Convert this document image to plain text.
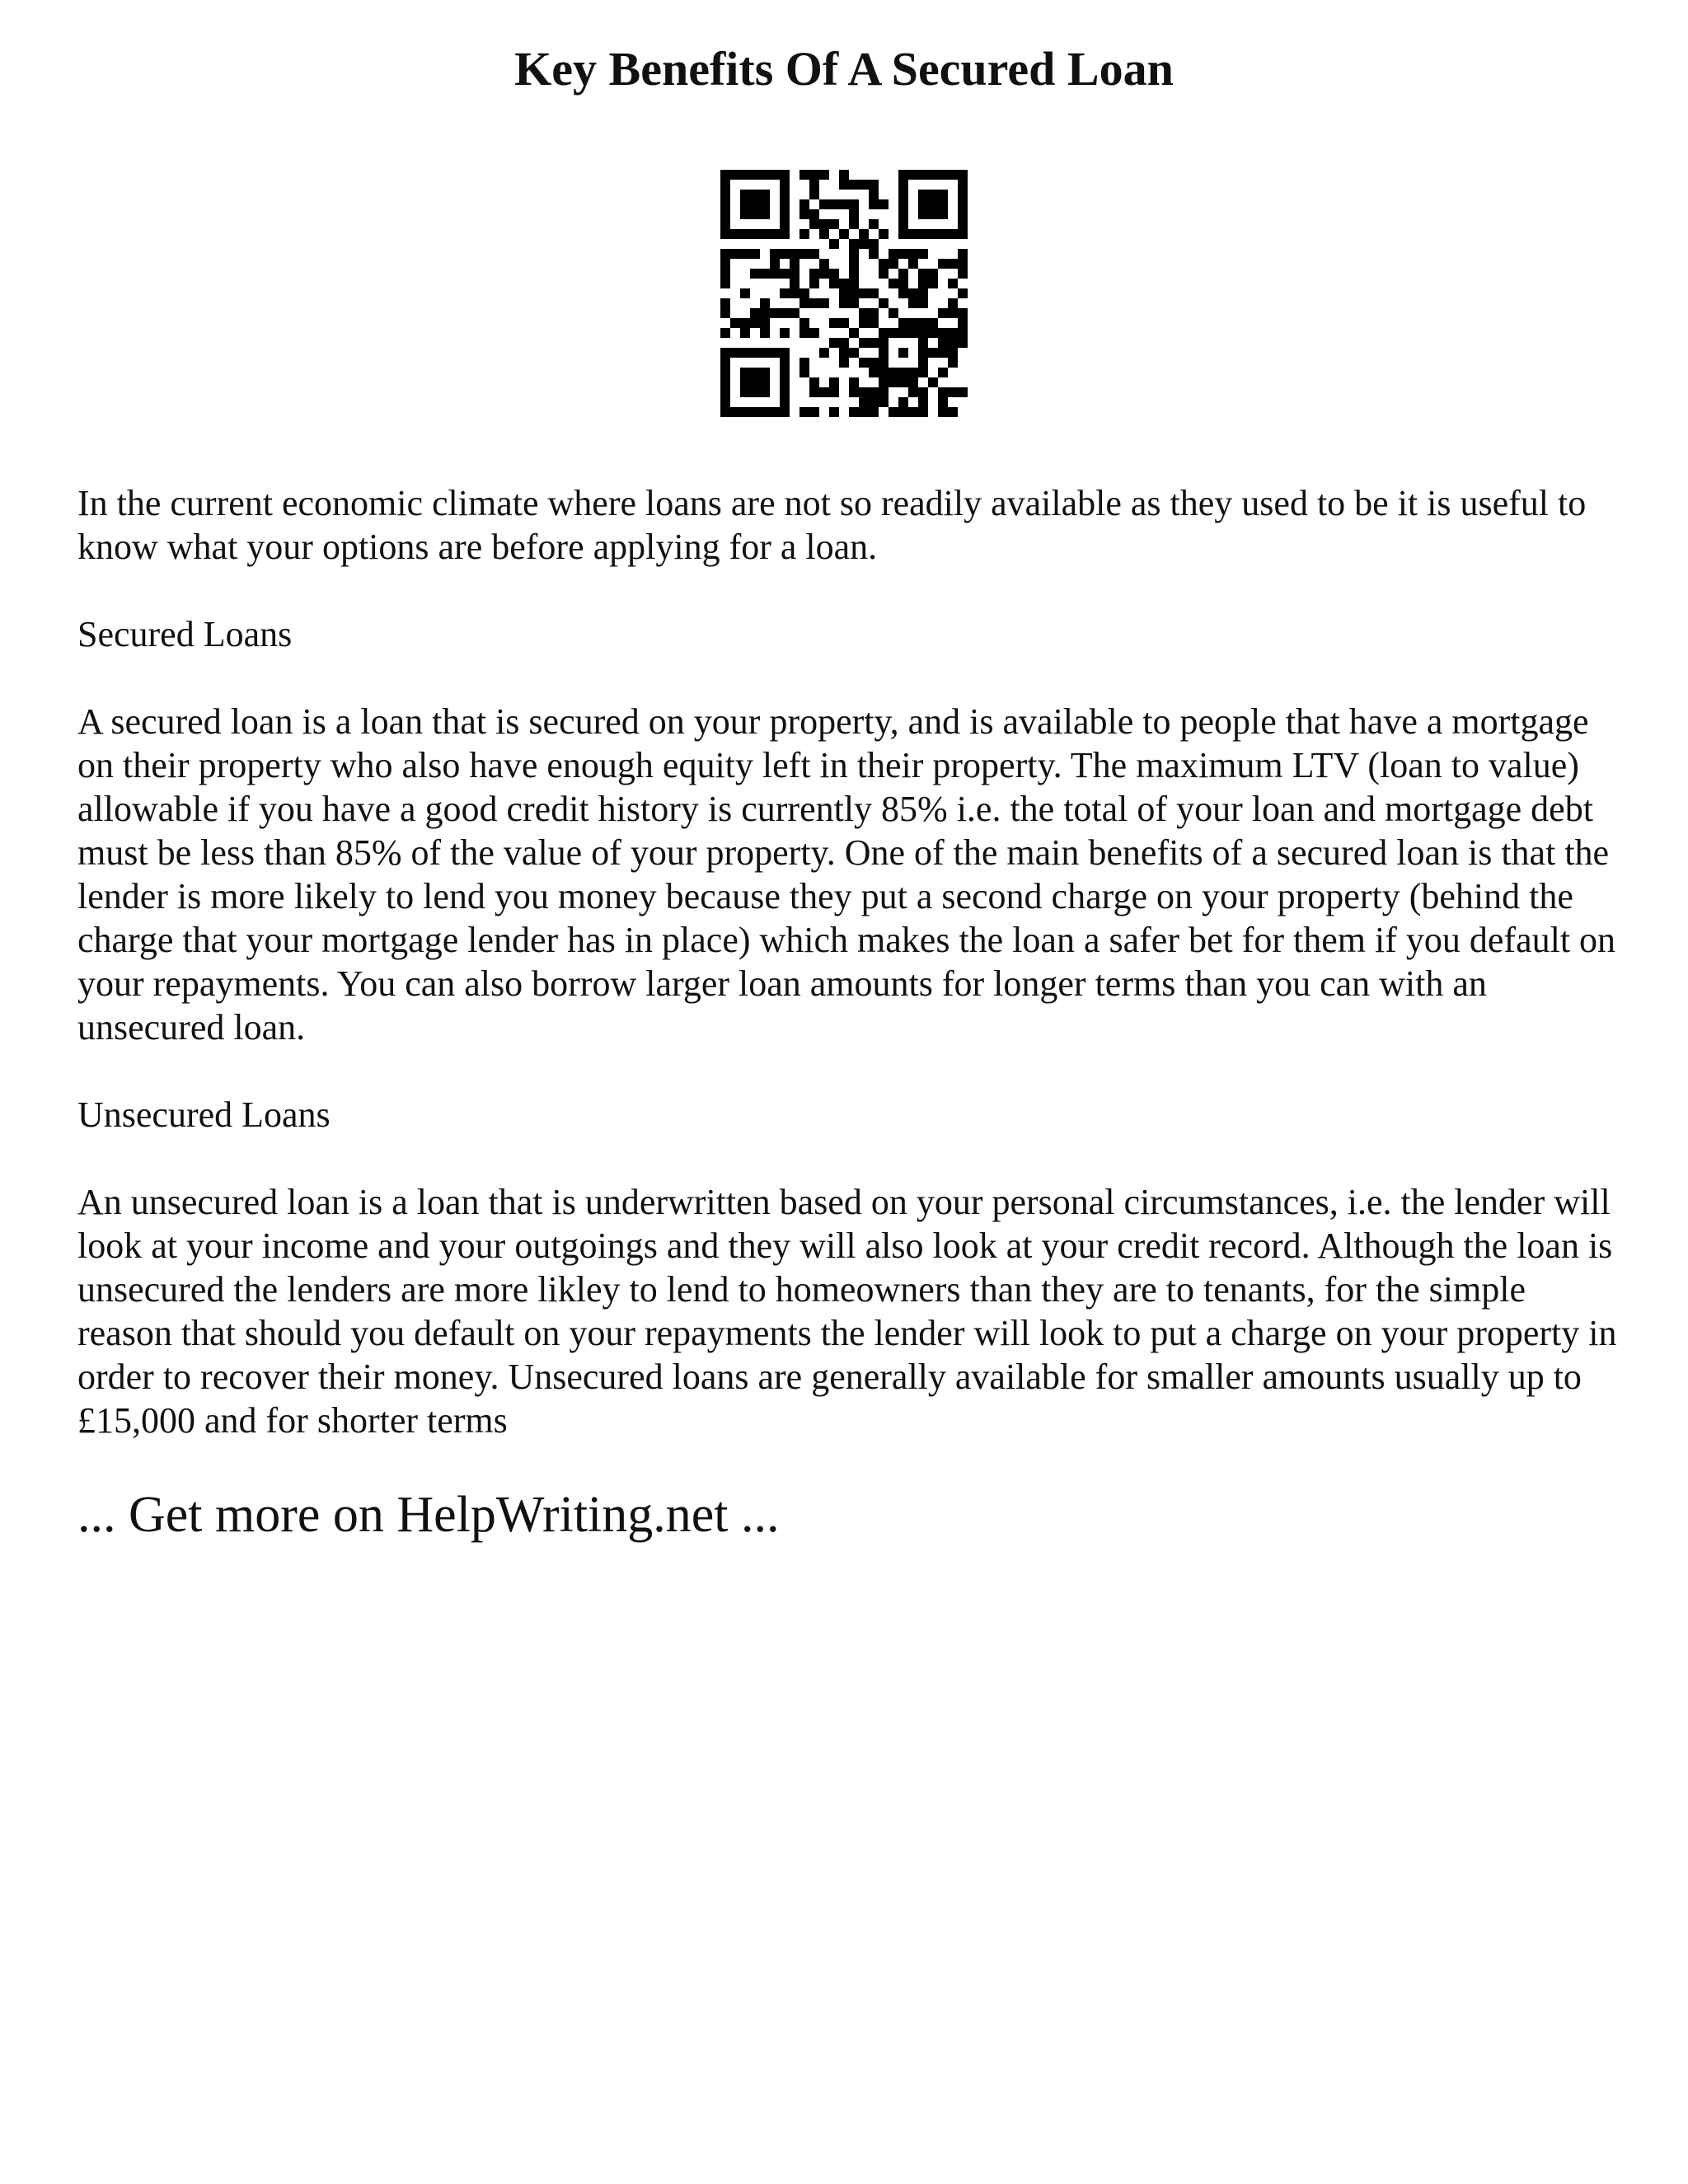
Key Benefits Of A Secured Loan

In the current economic climate where loans are not so readily available as they used to be it is useful to know what your options are before applying for a loan.

Secured Loans

A secured loan is a loan that is secured on your property, and is available to people that have a mortgage on their property who also have enough equity left in their property. The maximum LTV (loan to value) allowable if you have a good credit history is currently 85% i.e. the total of your loan and mortgage debt must be less than 85% of the value of your property. One of the main benefits of a secured loan is that the lender is more likely to lend you money because they put a second charge on your property (behind the charge that your mortgage lender has in place) which makes the loan a safer bet for them if you default on your repayments. You can also borrow larger loan amounts for longer terms than you can with an unsecured loan.

Unsecured Loans

An unsecured loan is a loan that is underwritten based on your personal circumstances, i.e. the lender will look at your income and your outgoings and they will also look at your credit record. Although the loan is unsecured the lenders are more likley to lend to homeowners than they are to tenants, for the simple reason that should you default on your repayments the lender will look to put a charge on your property in order to recover their money. Unsecured loans are generally available for smaller amounts usually up to £15,000 and for shorter terms

... Get more on HelpWriting.net ...
